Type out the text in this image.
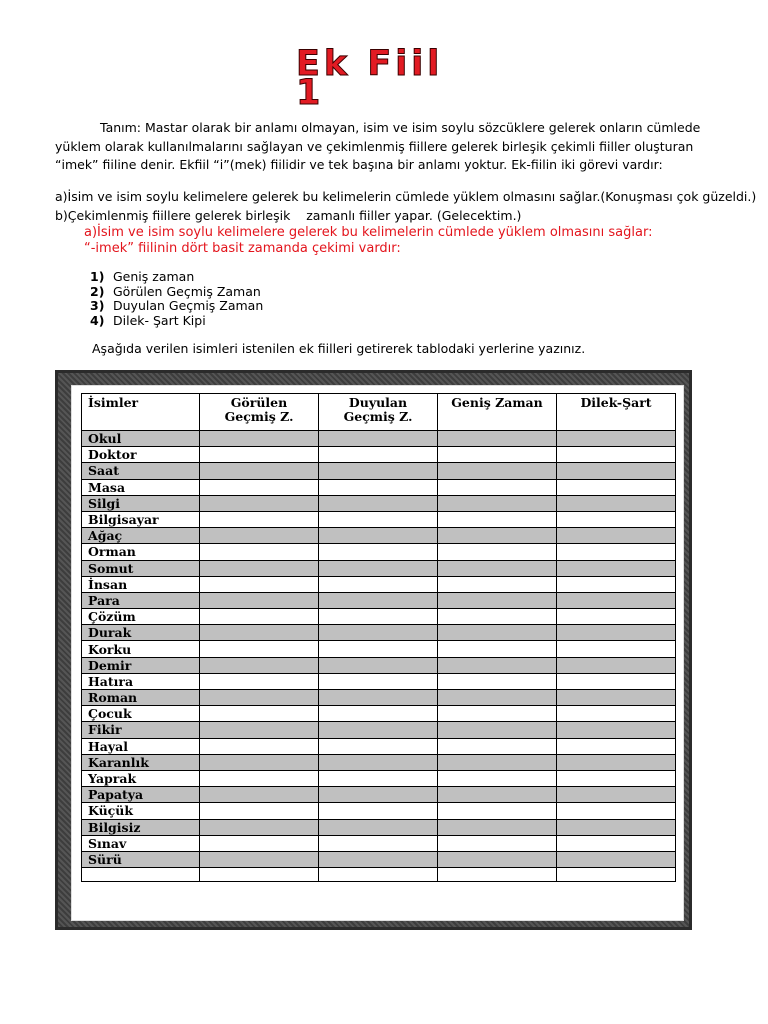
Ek Fiil
1
Tanım: Mastar olarak bir anlamı olmayan, isim ve isim soylu sözcüklere gelerek onların cümlede yüklem olarak kullanılmalarını sağlayan ve çekimlenmiş fiillere gelerek birleşik çekimli fiiller oluşturan “imek” fiiline denir. Ekfiil “i”(mek) fiilidir ve tek başına bir anlamı yoktur. Ek-fiilin iki görevi vardır:
a)İsim ve isim soylu kelimelere gelerek bu kelimelerin cümlede yüklem olmasını sağlar.(Konuşması çok güzeldi.)
b)Çekimlenmiş fiillere gelerek birleşik    zamanlı fiiller yapar. (Gelecektim.)
a)İsim ve isim soylu kelimelere gelerek bu kelimelerin cümlede yüklem olmasını sağlar:
“-imek” fiilinin dört basit zamanda çekimi vardır:
1) Geniş zaman
2) Görülen Geçmiş Zaman
3) Duyulan Geçmiş Zaman
4) Dilek- Şart Kipi
Aşağıda verilen isimleri istenilen ek fiilleri getirerek tablodaki yerlerine yazınız.
İsimler	Görülen Geçmiş Z.	Duyulan Geçmiş Z.	Geniş Zaman	Dilek-Şart
Okul				
Doktor				
Saat				
Masa				
Silgi				
Bilgisayar				
Ağaç				
Orman				
Somut				
İnsan				
Para				
Çözüm				
Durak				
Korku				
Demir				
Hatıra				
Roman				
Çocuk				
Fikir				
Hayal				
Karanlık				
Yaprak				
Papatya				
Küçük				
Bilgisiz				
Sınav				
Sürü				
